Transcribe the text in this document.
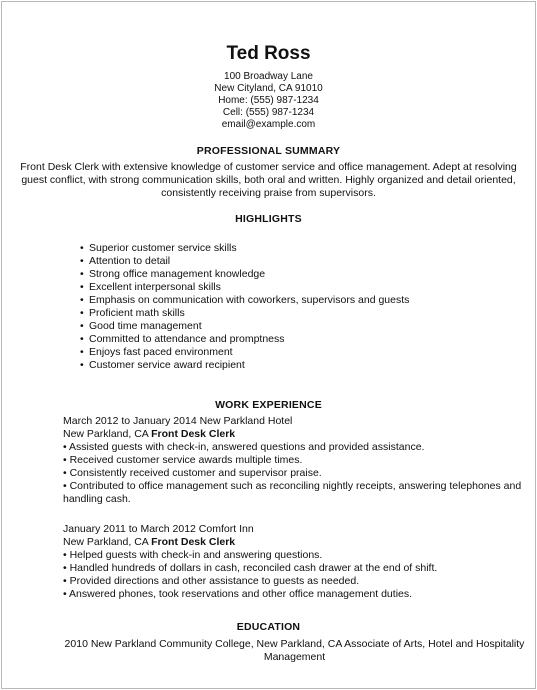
Ted Ross
100 Broadway Lane
New Cityland, CA 91010
Home: (555) 987-1234
Cell: (555) 987-1234
email@example.com
PROFESSIONAL SUMMARY
Front Desk Clerk with extensive knowledge of customer service and office management. Adept at resolving guest conflict, with strong communication skills, both oral and written. Highly organized and detail oriented, consistently receiving praise from supervisors.
HIGHLIGHTS
• Superior customer service skills
• Attention to detail
• Strong office management knowledge
• Excellent interpersonal skills
• Emphasis on communication with coworkers, supervisors and guests
• Proficient math skills
• Good time management
• Committed to attendance and promptness
• Enjoys fast paced environment
• Customer service award recipient
WORK EXPERIENCE
March 2012 to January 2014 New Parkland Hotel
New Parkland, CA Front Desk Clerk
• Assisted guests with check-in, answered questions and provided assistance.
• Received customer service awards multiple times.
• Consistently received customer and supervisor praise.
• Contributed to office management such as reconciling nightly receipts, answering telephones and handling cash.
January 2011 to March 2012 Comfort Inn
New Parkland, CA Front Desk Clerk
• Helped guests with check-in and answering questions.
• Handled hundreds of dollars in cash, reconciled cash drawer at the end of shift.
• Provided directions and other assistance to guests as needed.
• Answered phones, took reservations and other office management duties.
EDUCATION
2010 New Parkland Community College, New Parkland, CA Associate of Arts, Hotel and Hospitality Management
